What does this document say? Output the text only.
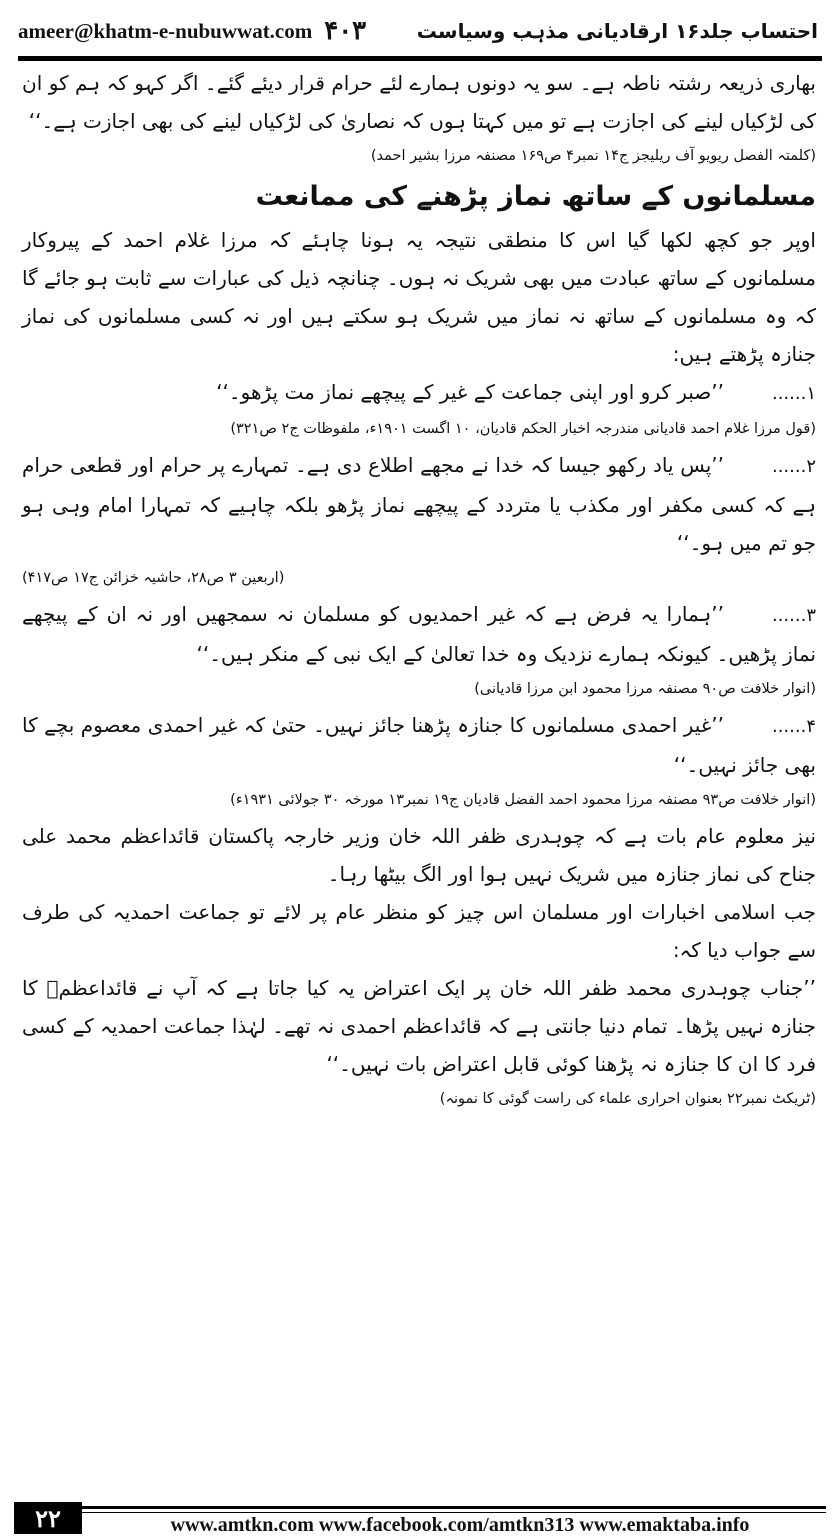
ameer@khatm-e-nubuwwat.com ۴۰۳	احتساب جلد۱۶ ارقادیانی مذہب وسیاست

بھاری ذریعہ رشتہ ناطہ ہے۔ سو یہ دونوں ہمارے لئے حرام قرار دیئے گئے۔ اگر کہو کہ ہم کو ان کی لڑکیاں لینے کی اجازت ہے تو میں کہتا ہوں کہ نصاریٰ کی لڑکیاں لینے کی بھی اجازت ہے۔‘‘

(کلمتہ الفصل ریویو آف ریلیجز ج۱۴ نمبر۴ ص۱۶۹ مصنفہ مرزا بشیر احمد)

مسلمانوں کے ساتھ نماز پڑھنے کی ممانعت

اوپر جو کچھ لکھا گیا اس کا منطقی نتیجہ یہ ہونا چاہئے کہ مرزا غلام احمد کے پیروکار مسلمانوں کے ساتھ عبادت میں بھی شریک نہ ہوں۔ چنانچہ ذیل کی عبارات سے ثابت ہو جائے گا کہ وہ مسلمانوں کے ساتھ نہ نماز میں شریک ہو سکتے ہیں اور نہ کسی مسلمانوں کی نماز جنازہ پڑھتے ہیں:

۱......’’صبر کرو اور اپنی جماعت کے غیر کے پیچھے نماز مت پڑھو۔‘‘

(قول مرزا غلام احمد قادیانی مندرجہ اخبار الحکم قادیان، ۱۰ اگست ۱۹۰۱ء، ملفوظات ج۲ ص۳۲۱)

۲......’’پس یاد رکھو جیسا کہ خدا نے مجھے اطلاع دی ہے۔ تمہارے پر حرام اور قطعی حرام ہے کہ کسی مکفر اور مکذب یا متردد کے پیچھے نماز پڑھو بلکہ چاہیے کہ تمہارا امام وہی ہو جو تم میں ہو۔‘‘

(اربعین ۳ ص۲۸، حاشیہ خزائن ج۱۷ ص۴۱۷)

۳......’’ہمارا یہ فرض ہے کہ غیر احمدیوں کو مسلمان نہ سمجھیں اور نہ ان کے پیچھے نماز پڑھیں۔ کیونکہ ہمارے نزدیک وہ خدا تعالیٰ کے ایک نبی کے منکر ہیں۔‘‘

(انوار خلافت ص۹۰ مصنفہ مرزا محمود ابن مرزا قادیانی)

۴......’’غیر احمدی مسلمانوں کا جنازہ پڑھنا جائز نہیں۔ حتیٰ کہ غیر احمدی معصوم بچے کا بھی جائز نہیں۔‘‘

(انوار خلافت ص۹۳ مصنفہ مرزا محمود احمد الفضل قادیان ج۱۹ نمبر۱۳ مورخہ ۳۰ جولائی ۱۹۳۱ء)

نیز معلوم عام بات ہے کہ چوہدری ظفر اللہ خان وزیر خارجہ پاکستان قائداعظم محمد علی جناح کی نماز جنازہ میں شریک نہیں ہوا اور الگ بیٹھا رہا۔

جب اسلامی اخبارات اور مسلمان اس چیز کو منظر عام پر لائے تو جماعت احمدیہ کی طرف سے جواب دیا کہ:

’’جناب چوہدری محمد ظفر اللہ خان پر ایک اعتراض یہ کیا جاتا ہے کہ آپ نے قائداعظمؒ کا جنازہ نہیں پڑھا۔ تمام دنیا جانتی ہے کہ قائداعظم احمدی نہ تھے۔ لہٰذا جماعت احمدیہ کے کسی فرد کا ان کا جنازہ نہ پڑھنا کوئی قابل اعتراض بات نہیں۔‘‘

(ٹریکٹ نمبر۲۲ بعنوان احراری علماء کی راست گوئی کا نمونہ)

۲۲	www.amtkn.com www.facebook.com/amtkn313 www.emaktaba.info
